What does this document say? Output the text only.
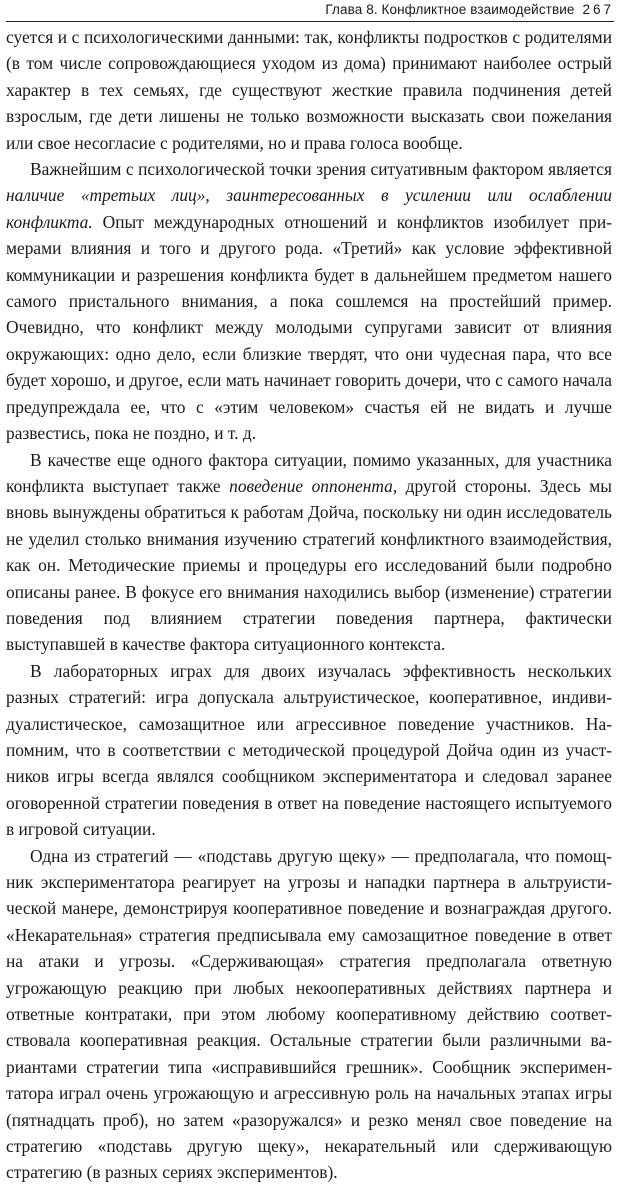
Глава 8. Конфликтное взаимодействие 267

суется и с психологическими данными: так, конфликты подростков с родителями (в том числе сопровождающиеся уходом из дома) принимают наиболее острый характер в тех семьях, где существуют жесткие правила подчинения детей взрослым, где дети лишены не только возможности высказать свои пожелания или свое несогласие с родителями, но и права голоса вообще.

Важнейшим с психологической точки зрения ситуативным фактором является наличие «третьих лиц», заинтересованных в усилении или ослаблении конфликта. Опыт международных отношений и конфликтов изобилует примерами влияния и того и другого рода. «Третий» как условие эффективной коммуникации и разрешения конфликта будет в дальнейшем предметом нашего самого пристального внимания, а пока сошлемся на простейший пример. Очевидно, что конфликт между молодыми супругами зависит от влияния окружающих: одно дело, если близкие твердят, что они чудесная пара, что все будет хорошо, и другое, если мать начинает говорить дочери, что с самого начала предупреждала ее, что с «этим человеком» счастья ей не видать и лучше развестись, пока не поздно, и т. д.

В качестве еще одного фактора ситуации, помимо указанных, для участника конфликта выступает также поведение оппонента, другой стороны. Здесь мы вновь вынуждены обратиться к работам Дойча, поскольку ни один исследователь не уделил столько внимания изучению стратегий конфликтного взаимодействия, как он. Методические приемы и процедуры его исследований были подробно описаны ранее. В фокусе его внимания находились выбор (изменение) стратегии поведения под влиянием стратегии поведения партнера, фактически выступавшей в качестве фактора ситуационного контекста.

В лабораторных играх для двоих изучалась эффективность нескольких разных стратегий: игра допускала альтруистическое, кооперативное, индивидуалистическое, самозащитное или агрессивное поведение участников. Напомним, что в соответствии с методической процедурой Дойча один из участников игры всегда являлся сообщником экспериментатора и следовал заранее оговоренной стратегии поведения в ответ на поведение настоящего испытуемого в игровой ситуации.

Одна из стратегий — «подставь другую щеку» — предполагала, что помощник экспериментатора реагирует на угрозы и нападки партнера в альтруистической манере, демонстрируя кооперативное поведение и вознаграждая другого. «Некарательная» стратегия предписывала ему самозащитное поведение в ответ на атаки и угрозы. «Сдерживающая» стратегия предполагала ответную угрожающую реакцию при любых некооперативных действиях партнера и ответные контратаки, при этом любому кооперативному действию соответствовала кооперативная реакция. Остальные стратегии были различными вариантами стратегии типа «исправившийся грешник». Сообщник экспериментатора играл очень угрожающую и агрессивную роль на начальных этапах игры (пятнадцать проб), но затем «разоружался» и резко менял свое поведение на стратегию «подставь другую щеку», некарательный или сдерживающую стратегию (в разных сериях экспериментов).
